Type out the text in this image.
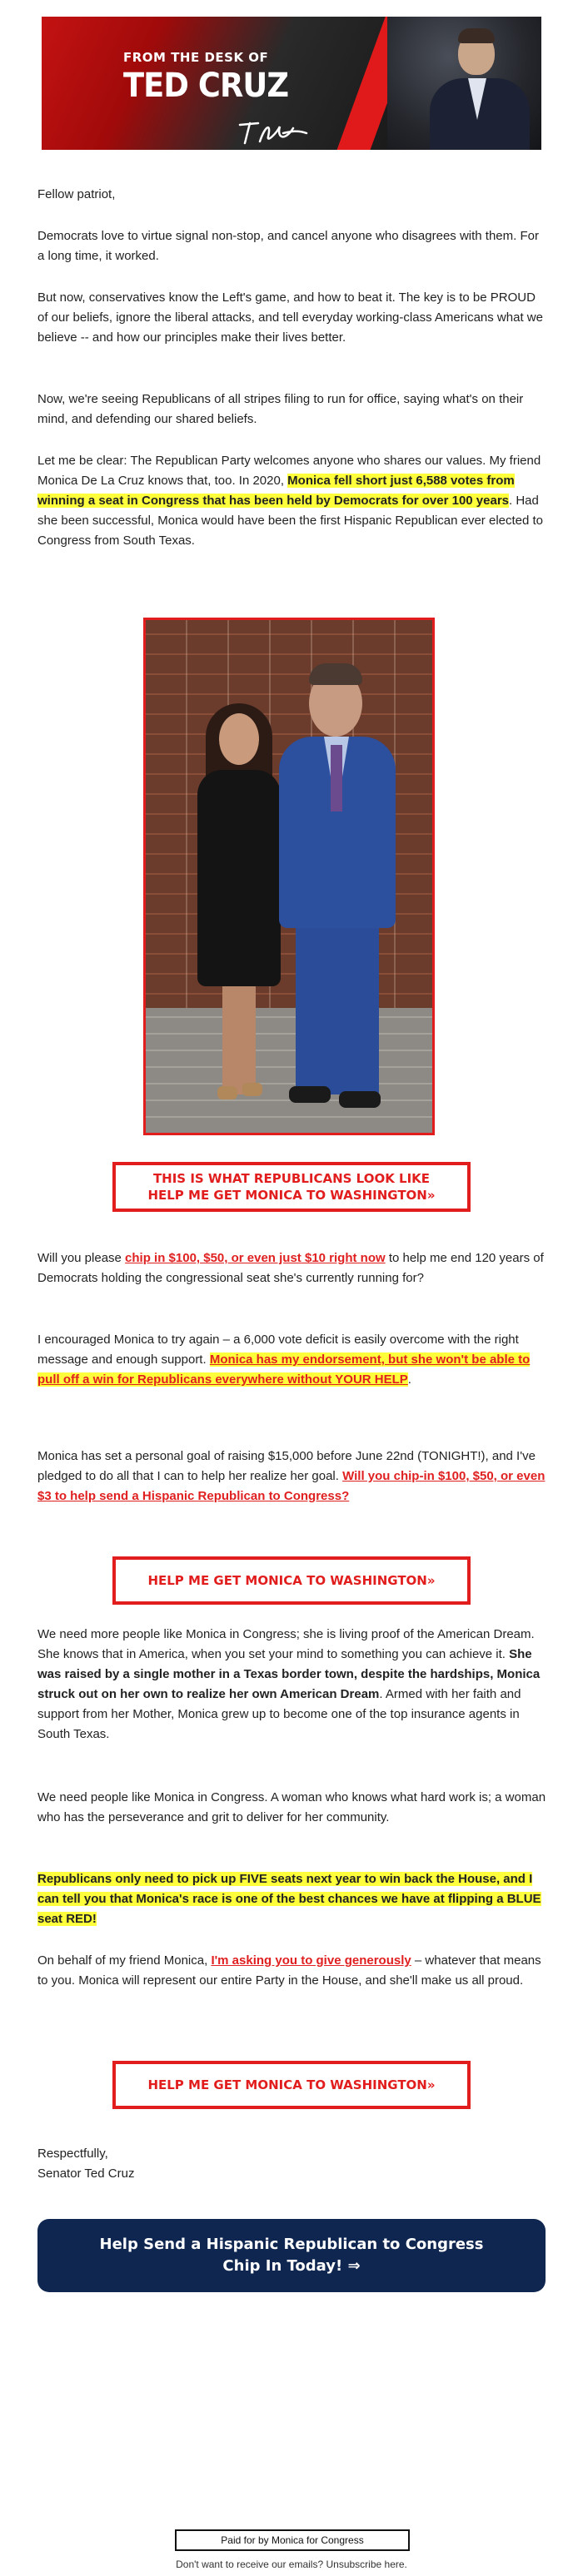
FROM THE DESK OF
TED CRUZ

Fellow patriot,

Democrats love to virtue signal non-stop, and cancel anyone who disagrees with them. For a long time, it worked.

But now, conservatives know the Left's game, and how to beat it. The key is to be PROUD of our beliefs, ignore the liberal attacks, and tell everyday working-class Americans what we believe -- and how our principles make their lives better.

Now, we're seeing Republicans of all stripes filing to run for office, saying what's on their mind, and defending our shared beliefs.

Let me be clear: The Republican Party welcomes anyone who shares our values. My friend Monica De La Cruz knows that, too. In 2020, Monica fell short just 6,588 votes from winning a seat in Congress that has been held by Democrats for over 100 years. Had she been successful, Monica would have been the first Hispanic Republican ever elected to Congress from South Texas.

THIS IS WHAT REPUBLICANS LOOK LIKE
HELP ME GET MONICA TO WASHINGTON»

Will you please chip in $100, $50, or even just $10 right now to help me end 120 years of Democrats holding the congressional seat she's currently running for?

I encouraged Monica to try again – a 6,000 vote deficit is easily overcome with the right message and enough support. Monica has my endorsement, but she won't be able to pull off a win for Republicans everywhere without YOUR HELP.

Monica has set a personal goal of raising $15,000 before June 22nd (TONIGHT!), and I've pledged to do all that I can to help her realize her goal. Will you chip-in $100, $50, or even $3 to help send a Hispanic Republican to Congress?

HELP ME GET MONICA TO WASHINGTON»

We need more people like Monica in Congress; she is living proof of the American Dream. She knows that in America, when you set your mind to something you can achieve it. She was raised by a single mother in a Texas border town, despite the hardships, Monica struck out on her own to realize her own American Dream. Armed with her faith and support from her Mother, Monica grew up to become one of the top insurance agents in South Texas.

We need people like Monica in Congress. A woman who knows what hard work is; a woman who has the perseverance and grit to deliver for her community.

Republicans only need to pick up FIVE seats next year to win back the House, and I can tell you that Monica's race is one of the best chances we have at flipping a BLUE seat RED!

On behalf of my friend Monica, I'm asking you to give generously – whatever that means to you. Monica will represent our entire Party in the House, and she'll make us all proud.

HELP ME GET MONICA TO WASHINGTON»

Respectfully,

Senator Ted Cruz

Help Send a Hispanic Republican to Congress
Chip In Today! ⇒
Paid for by Monica for Congress
Don't want to receive our emails? Unsubscribe here.
